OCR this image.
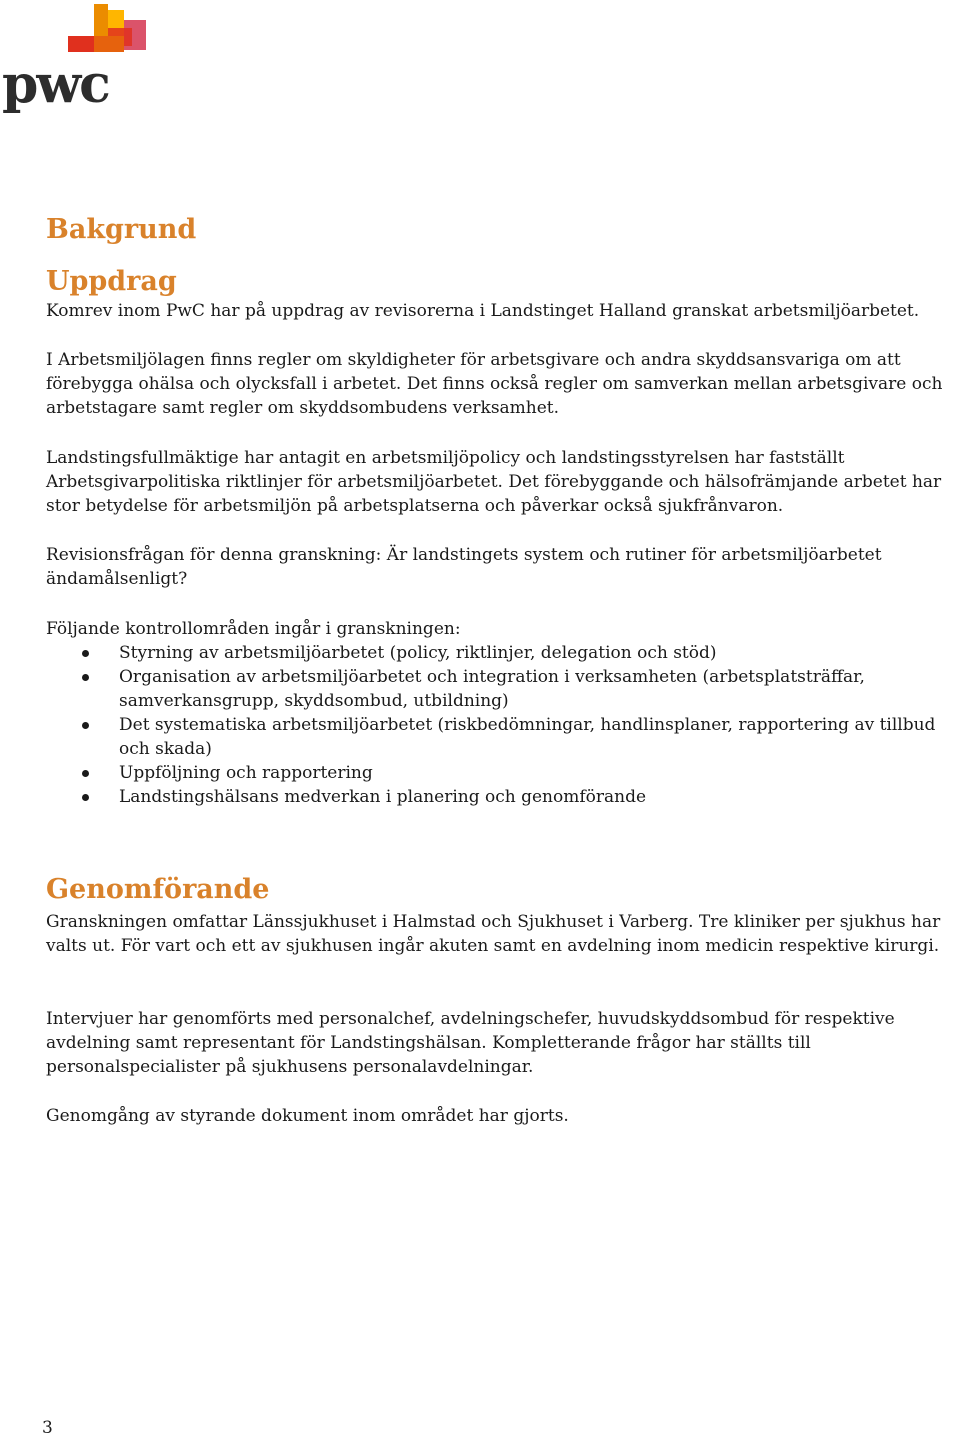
pwc
Bakgrund
Uppdrag

Komrev inom PwC har på uppdrag av revisorerna i Landstinget Halland granskat arbetsmiljöarbetet.

I Arbetsmiljölagen finns regler om skyldigheter för arbetsgivare och andra skyddsansvariga om att förebygga ohälsa och olycksfall i arbetet. Det finns också regler om samverkan mellan arbetsgivare och arbetstagare samt regler om skyddsombudens verksamhet.

Landstingsfullmäktige har antagit en arbetsmiljöpolicy och landstingsstyrelsen har fastställt Arbetsgivarpolitiska riktlinjer för arbetsmiljöarbetet. Det förebyggande och hälsofrämjande arbetet har stor betydelse för arbetsmiljön på arbetsplatserna och påverkar också sjukfrånvaron.

Revisionsfrågan för denna granskning: Är landstingets system och rutiner för arbetsmiljöarbetet ändamålsenligt?

Följande kontrollområden ingår i granskningen:

Styrning av arbetsmiljöarbetet (policy, riktlinjer, delegation och stöd)
Organisation av arbetsmiljöarbetet och integration i verksamheten (arbetsplatsträffar, samverkansgrupp, skyddsombud, utbildning)
Det systematiska arbetsmiljöarbetet (riskbedömningar, handlinsplaner, rapportering av tillbud och skada)
Uppföljning och rapportering
Landstingshälsans medverkan i planering och genomförande
Genomförande

Granskningen omfattar Länssjukhuset i Halmstad och Sjukhuset i Varberg. Tre kliniker per sjukhus har valts ut. För vart och ett av sjukhusen ingår akuten samt en avdelning inom medicin respektive kirurgi.

Intervjuer har genomförts med personalchef, avdelningschefer, huvudskyddsombud för respektive avdelning samt representant för Landstingshälsan. Kompletterande frågor har ställts till personalspecialister på sjukhusens personalavdelningar.

Genomgång av styrande dokument inom området har gjorts.

3
